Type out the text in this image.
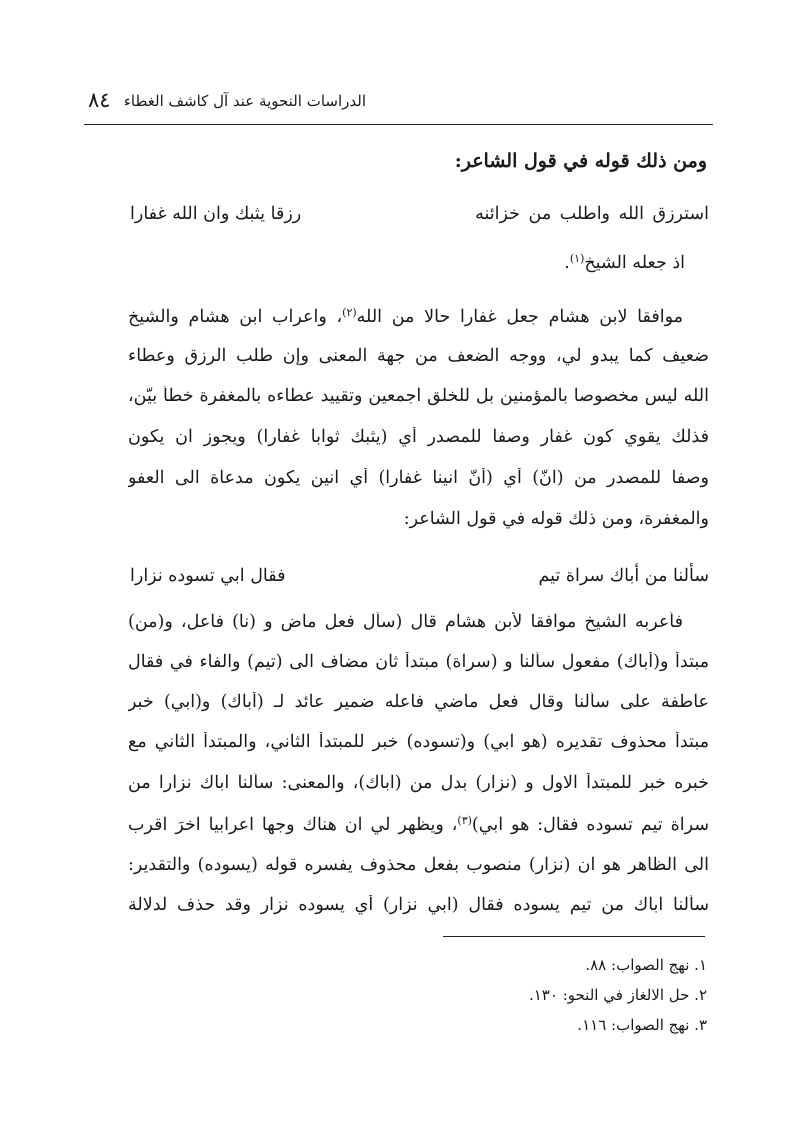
٨٤ الدراسات النحوية عند آل كاشف الغطاء
ومن ذلك قوله في قول الشاعر:
استرزق الله واطلب من خزائنه
رزقا يثبك وان الله غفارا
اذ جعله الشيخ$^{(١)}$.
موافقا لابن هشام جعل غفارا حالا من الله$^{(٢)}$، واعراب ابن هشام والشيخ
ضعيف كما يبدو لي، ووجه الضعف من جهة المعنى وإن طلب الرزق وعطاء
الله ليس مخصوصا بالمؤمنين بل للخلق اجمعين وتقييد عطاءه بالمغفرة خطأ بيّن،
فذلك يقوي كون غفار وصفا للمصدر أي (يثبك ثوابا غفارا) ويجوز ان يكون
وصفا للمصدر من (انّ) أي (أنّ انينا غفارا) أي انين يكون مدعاة الى العفو
والمغفرة، ومن ذلك قوله في قول الشاعر:
سألنا من أباك سراة تيم
فقال ابي تسوده نزارا
فأعربه الشيخ موافقا لأبن هشام قال (سأل فعل ماض و (نا) فاعل، و(من)
مبتدأ و(أباك) مفعول سألنا و (سراة) مبتدأ ثان مضاف الى (تيم) والفاء في فقال
عاطفة على سألنا وقال فعل ماضي فاعله ضمير عائد لـ (أباك) و(ابي) خبر
مبتدأ محذوف تقديره (هو ابي) و(تسوده) خبر للمبتدأ الثاني، والمبتدأ الثاني مع
خبره خبر للمبتدأ الاول و (نزار) بدل من (اباك)، والمعنى: سألنا اباك نزارا من
سراة تيم تسوده فقال: هو ابي)$^{(٣)}$، ويظهر لي ان هناك وجها اعرابيا اخرَ اقرب
الى الظاهر هو ان (نزار) منصوب بفعل محذوف يفسره قوله (يسوده) والتقدير:
سألنا اباك من تيم يسوده فقال (ابي نزار) أي يسوده نزار وقد حذف لدلالة
١. نهج الصواب: ٨٨.
٢. حل الالغاز في النحو: ١٣٠.
٣. نهج الصواب: ١١٦.
